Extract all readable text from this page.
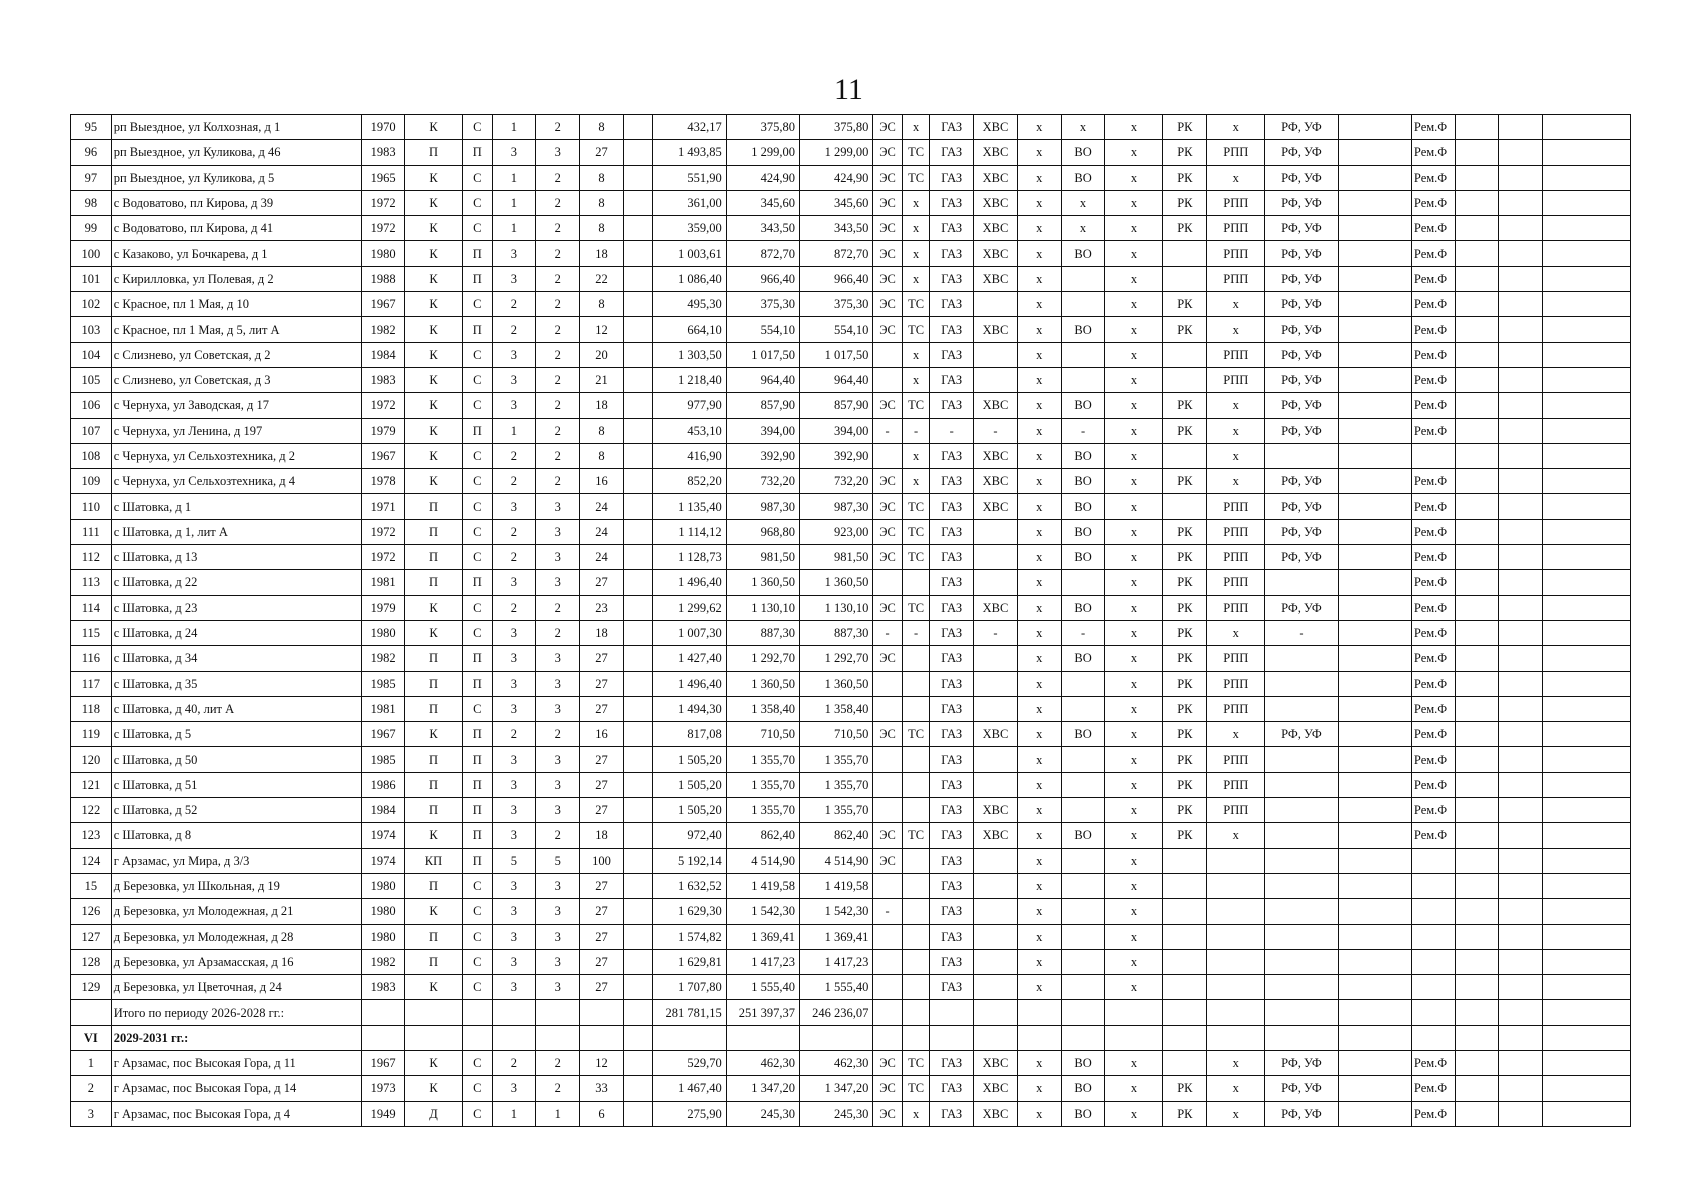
11
95	рп Выездное, ул Колхозная, д 1	1970	К	С	1	2	8		432,17	375,80	375,80	ЭС	х	ГАЗ	ХВС	х	х	х	РК	х	РФ, УФ		Рем.Ф			
96	рп Выездное, ул Куликова, д 46	1983	П	П	3	3	27		1 493,85	1 299,00	1 299,00	ЭС	ТС	ГАЗ	ХВС	х	ВО	х	РК	РПП	РФ, УФ		Рем.Ф			
97	рп Выездное, ул Куликова, д 5	1965	К	С	1	2	8		551,90	424,90	424,90	ЭС	ТС	ГАЗ	ХВС	х	ВО	х	РК	х	РФ, УФ		Рем.Ф			
98	с Водоватово, пл Кирова, д 39	1972	К	С	1	2	8		361,00	345,60	345,60	ЭС	х	ГАЗ	ХВС	х	х	х	РК	РПП	РФ, УФ		Рем.Ф			
99	с Водоватово, пл Кирова, д 41	1972	К	С	1	2	8		359,00	343,50	343,50	ЭС	х	ГАЗ	ХВС	х	х	х	РК	РПП	РФ, УФ		Рем.Ф			
100	с Казаково, ул Бочкарева, д 1	1980	К	П	3	2	18		1 003,61	872,70	872,70	ЭС	х	ГАЗ	ХВС	х	ВО	х		РПП	РФ, УФ		Рем.Ф			
101	с Кирилловка, ул Полевая, д 2	1988	К	П	3	2	22		1 086,40	966,40	966,40	ЭС	х	ГАЗ	ХВС	х		х		РПП	РФ, УФ		Рем.Ф			
102	с Красное, пл 1 Мая, д 10	1967	К	С	2	2	8		495,30	375,30	375,30	ЭС	ТС	ГАЗ		х		х	РК	х	РФ, УФ		Рем.Ф			
103	с Красное, пл 1 Мая, д 5, лит А	1982	К	П	2	2	12		664,10	554,10	554,10	ЭС	ТС	ГАЗ	ХВС	х	ВО	х	РК	х	РФ, УФ		Рем.Ф			
104	с Слизнево, ул Советская, д 2	1984	К	С	3	2	20		1 303,50	1 017,50	1 017,50		х	ГАЗ		х		х		РПП	РФ, УФ		Рем.Ф			
105	с Слизнево, ул Советская, д 3	1983	К	С	3	2	21		1 218,40	964,40	964,40		х	ГАЗ		х		х		РПП	РФ, УФ		Рем.Ф			
106	с Чернуха, ул Заводская, д 17	1972	К	С	3	2	18		977,90	857,90	857,90	ЭС	ТС	ГАЗ	ХВС	х	ВО	х	РК	х	РФ, УФ		Рем.Ф			
107	с Чернуха, ул Ленина, д 197	1979	К	П	1	2	8		453,10	394,00	394,00	-	-	-	-	х	-	х	РК	х	РФ, УФ		Рем.Ф			
108	с Чернуха, ул Сельхозтехника, д 2	1967	К	С	2	2	8		416,90	392,90	392,90		х	ГАЗ	ХВС	х	ВО	х		х						
109	с Чернуха, ул Сельхозтехника, д 4	1978	К	С	2	2	16		852,20	732,20	732,20	ЭС	х	ГАЗ	ХВС	х	ВО	х	РК	х	РФ, УФ		Рем.Ф			
110	с Шатовка, д 1	1971	П	С	3	3	24		1 135,40	987,30	987,30	ЭС	ТС	ГАЗ	ХВС	х	ВО	х		РПП	РФ, УФ		Рем.Ф			
111	с Шатовка, д 1, лит А	1972	П	С	2	3	24		1 114,12	968,80	923,00	ЭС	ТС	ГАЗ		х	ВО	х	РК	РПП	РФ, УФ		Рем.Ф			
112	с Шатовка, д 13	1972	П	С	2	3	24		1 128,73	981,50	981,50	ЭС	ТС	ГАЗ		х	ВО	х	РК	РПП	РФ, УФ		Рем.Ф			
113	с Шатовка, д 22	1981	П	П	3	3	27		1 496,40	1 360,50	1 360,50			ГАЗ		х		х	РК	РПП			Рем.Ф			
114	с Шатовка, д 23	1979	К	С	2	2	23		1 299,62	1 130,10	1 130,10	ЭС	ТС	ГАЗ	ХВС	х	ВО	х	РК	РПП	РФ, УФ		Рем.Ф			
115	с Шатовка, д 24	1980	К	С	3	2	18		1 007,30	887,30	887,30	-	-	ГАЗ	-	х	-	х	РК	х	-		Рем.Ф			
116	с Шатовка, д 34	1982	П	П	3	3	27		1 427,40	1 292,70	1 292,70	ЭС		ГАЗ		х	ВО	х	РК	РПП			Рем.Ф			
117	с Шатовка, д 35	1985	П	П	3	3	27		1 496,40	1 360,50	1 360,50			ГАЗ		х		х	РК	РПП			Рем.Ф			
118	с Шатовка, д 40, лит А	1981	П	С	3	3	27		1 494,30	1 358,40	1 358,40			ГАЗ		х		х	РК	РПП			Рем.Ф			
119	с Шатовка, д 5	1967	К	П	2	2	16		817,08	710,50	710,50	ЭС	ТС	ГАЗ	ХВС	х	ВО	х	РК	х	РФ, УФ		Рем.Ф			
120	с Шатовка, д 50	1985	П	П	3	3	27		1 505,20	1 355,70	1 355,70			ГАЗ		х		х	РК	РПП			Рем.Ф			
121	с Шатовка, д 51	1986	П	П	3	3	27		1 505,20	1 355,70	1 355,70			ГАЗ		х		х	РК	РПП			Рем.Ф			
122	с Шатовка, д 52	1984	П	П	3	3	27		1 505,20	1 355,70	1 355,70			ГАЗ	ХВС	х		х	РК	РПП			Рем.Ф			
123	с Шатовка, д 8	1974	К	П	3	2	18		972,40	862,40	862,40	ЭС	ТС	ГАЗ	ХВС	х	ВО	х	РК	х			Рем.Ф			
124	г Арзамас, ул Мира, д 3/3	1974	КП	П	5	5	100		5 192,14	4 514,90	4 514,90	ЭС		ГАЗ		х		х								
15	д Березовка, ул Школьная, д 19	1980	П	С	3	3	27		1 632,52	1 419,58	1 419,58			ГАЗ		х		х								
126	д Березовка, ул Молодежная, д 21	1980	К	С	3	3	27		1 629,30	1 542,30	1 542,30	-		ГАЗ		х		х								
127	д Березовка, ул Молодежная, д 28	1980	П	С	3	3	27		1 574,82	1 369,41	1 369,41			ГАЗ		х		х								
128	д Березовка, ул Арзамасская, д 16	1982	П	С	3	3	27		1 629,81	1 417,23	1 417,23			ГАЗ		х		х								
129	д Березовка, ул Цветочная, д 24	1983	К	С	3	3	27		1 707,80	1 555,40	1 555,40			ГАЗ		х		х								
	Итого по периоду 2026-2028 гг.:								281 781,15	251 397,37	246 236,07															
VI	2029-2031 гг.:																									
1	г Арзамас, пос Высокая Гора, д 11	1967	К	С	2	2	12		529,70	462,30	462,30	ЭС	ТС	ГАЗ	ХВС	х	ВО	х		х	РФ, УФ		Рем.Ф			
2	г Арзамас, пос Высокая Гора, д 14	1973	К	С	3	2	33		1 467,40	1 347,20	1 347,20	ЭС	ТС	ГАЗ	ХВС	х	ВО	х	РК	х	РФ, УФ		Рем.Ф			
3	г Арзамас, пос Высокая Гора, д 4	1949	Д	С	1	1	6		275,90	245,30	245,30	ЭС	х	ГАЗ	ХВС	х	ВО	х	РК	х	РФ, УФ		Рем.Ф			
